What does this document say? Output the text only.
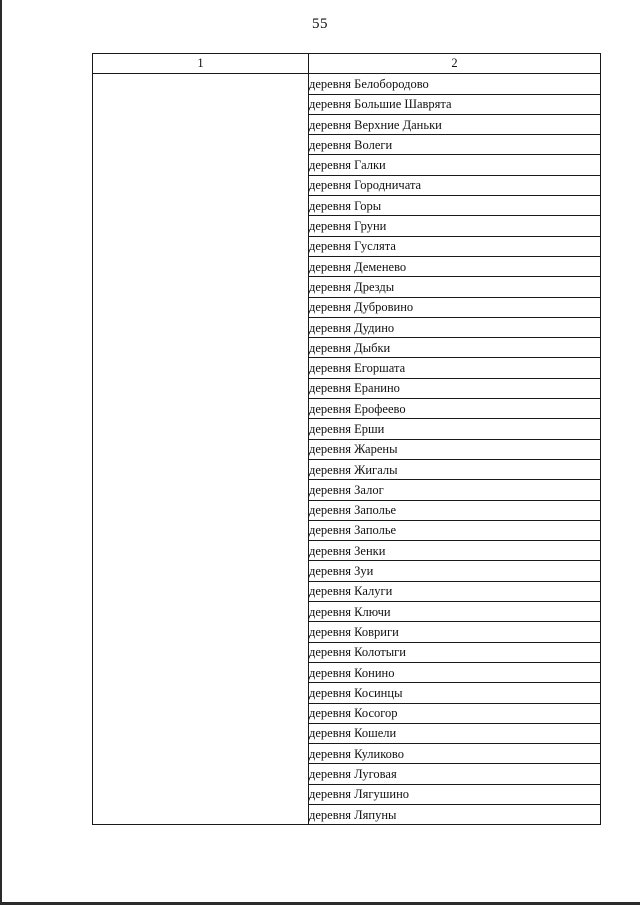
55
1	2
	деревня Белобородово
	деревня Большие Шаврята
	деревня Верхние Даньки
	деревня Волеги
	деревня Галки
	деревня Городничата
	деревня Горы
	деревня Груни
	деревня Гуслята
	деревня Деменево
	деревня Дрезды
	деревня Дубровино
	деревня Дудино
	деревня Дыбки
	деревня Егоршата
	деревня Еранино
	деревня Ерофеево
	деревня Ерши
	деревня Жарены
	деревня Жигалы
	деревня Залог
	деревня Заполье
	деревня Заполье
	деревня Зенки
	деревня Зуи
	деревня Калуги
	деревня Ключи
	деревня Ковриги
	деревня Колотыги
	деревня Конино
	деревня Косинцы
	деревня Косогор
	деревня Кошели
	деревня Куликово
	деревня Луговая
	деревня Лягушино
	деревня Ляпуны
